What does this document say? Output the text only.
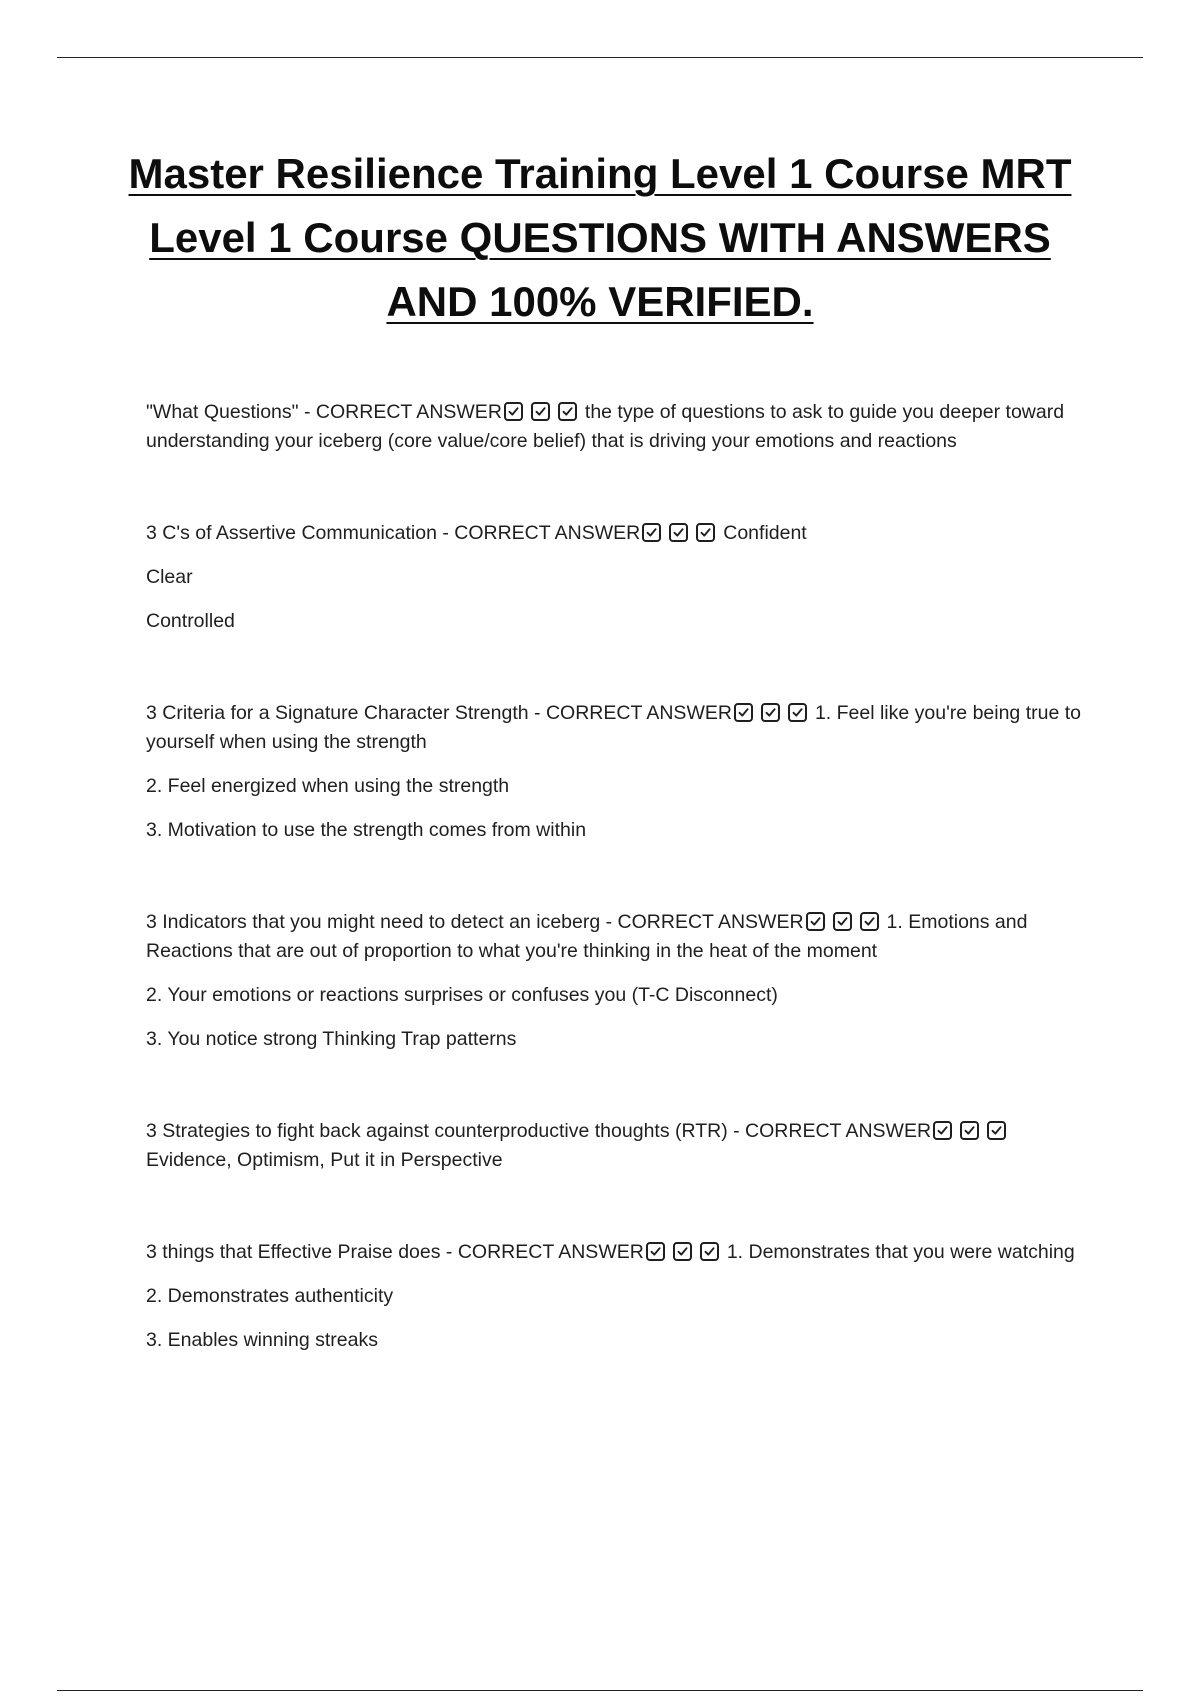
Master Resilience Training Level 1 Course MRT
Level 1 Course QUESTIONS WITH ANSWERS
AND 100% VERIFIED.

"What Questions" - CORRECT ANSWER	the type of questions to ask to guide you deeper toward understanding your iceberg (core value/core belief) that is driving your emotions and reactions

3 C's of Assertive Communication - CORRECT ANSWER	Confident

Clear

Controlled

3 Criteria for a Signature Character Strength - CORRECT ANSWER	1. Feel like you're being true to yourself when using the strength

2. Feel energized when using the strength

3. Motivation to use the strength comes from within

3 Indicators that you might need to detect an iceberg - CORRECT ANSWER	1. Emotions and Reactions that are out of proportion to what you're thinking in the heat of the moment

2. Your emotions or reactions surprises or confuses you (T-C Disconnect)

3. You notice strong Thinking Trap patterns

3 Strategies to fight back against counterproductive thoughts (RTR) - CORRECT ANSWER
Evidence, Optimism, Put it in Perspective

3 things that Effective Praise does - CORRECT ANSWER	1. Demonstrates that you were watching

2. Demonstrates authenticity

3. Enables winning streaks
